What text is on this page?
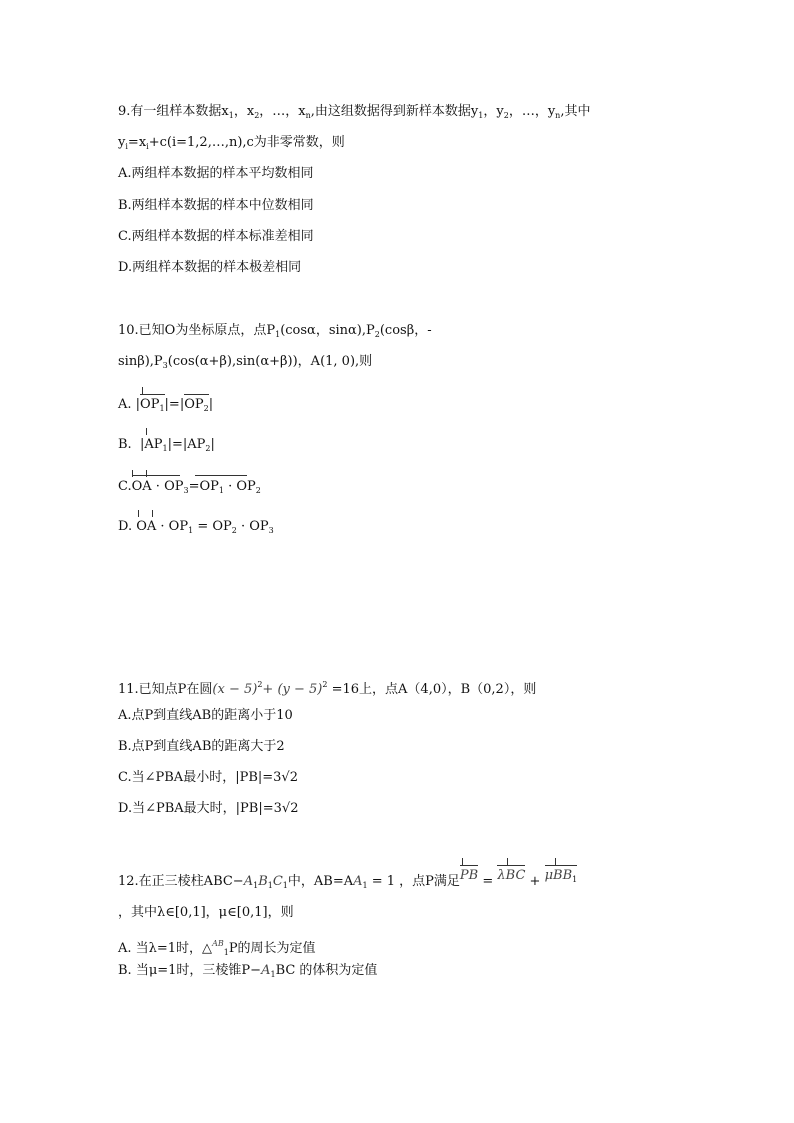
9.有一组样本数据$x_1$，$x_2$，…，$x_n$,由这组数据得到新样本数据$y_1$，$y_2$，…，$y_n$,其中
$y_i=x_i+c(i=1,2,\dots,n),c$为非零常数，则
A.两组样本数据的样本平均数相同
B.两组样本数据的样本中位数相同
C.两组样本数据的样本标准差相同
D.两组样本数据的样本极差相同
10.已知O为坐标原点，点$P_1(\cos\alpha$，$\sin\alpha),P_2(\cos\beta$，-
$\sin\beta),P_3(\cos(\alpha+\beta),\sin(\alpha+\beta))$，A(1, 0),则
A. |
$OP_1|=|OP_2|$
B. $|AP_1|=|AP_2|$
C.
OA · $OP_3$
$=OP_1 \cdot OP_2$
D. OA · $OP_1 = OP_2 \cdot OP_3$
11.已知点P在圆$(x - 5)^2+ (y - 5)^2 =16$上，点A（4,0），B（0,2），则
A.点P到直线AB的距离小于10
B.点P到直线AB的距离大于2
C.当∠PBA最小时，|PB|=3√2
D.当∠PBA最大时，|PB|=3√2
12.在正三棱柱$ABC-A_1B_1C_1$中，$AB=AA_1 = 1$ ，点P满足
PB =
λBC +
μBB$_1$
，其中λ∈[0,1]，μ∈[0,1]，则
A. 当λ=1时，△$^{AB}_1$P的周长为定值
B. 当μ=1时，三棱锥$P-A_1BC$ 的体积为定值
